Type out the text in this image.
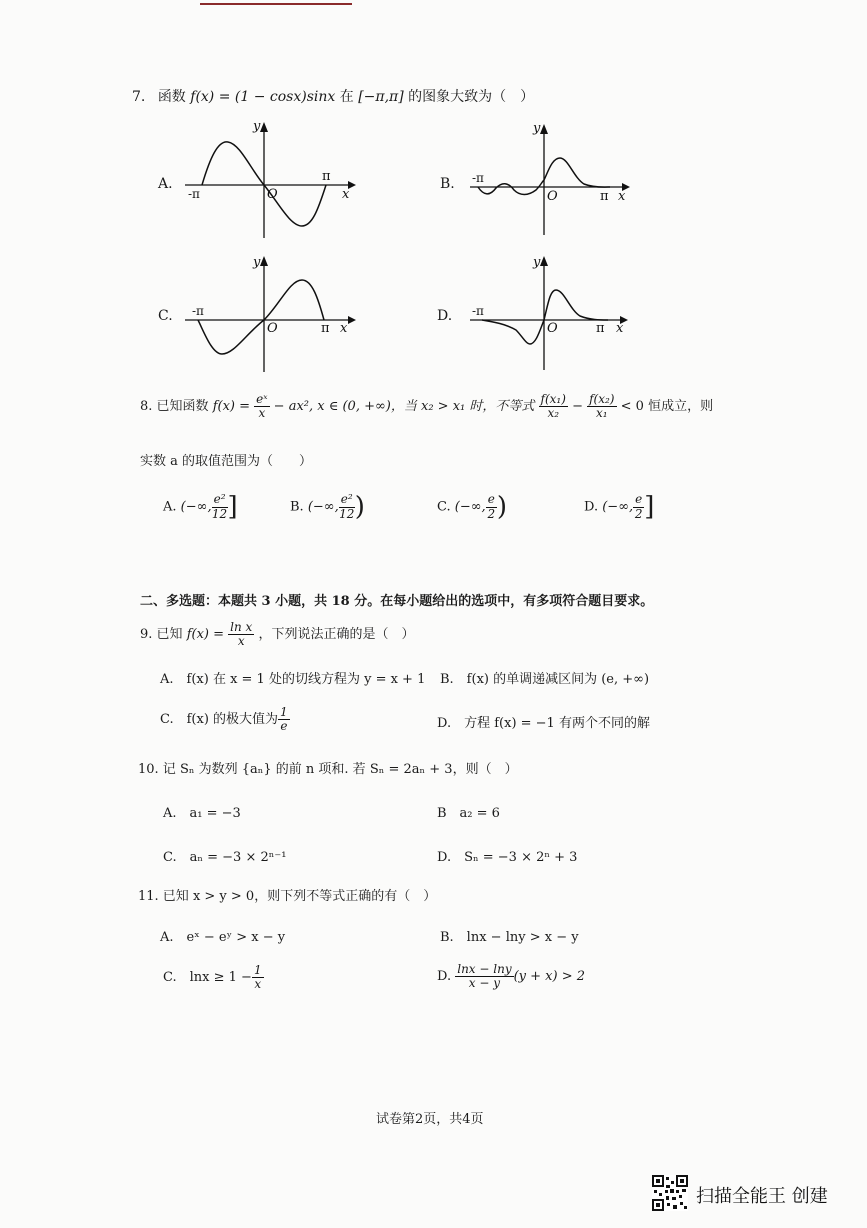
7. 函数 f(x) = (1 − cosx)sinx 在 [−π,π] 的图象大致为（　）
A.
y
x
O
π
-π
B.
y
x
O	π
-π
C.
y
x
O	π
-π	D.
y
O	π x
-π
8. 已知函数 $f(x) = \frac{\text{eˣ}}{x} - ax^2$, x ∈ (0, +∞)，当 x₂ > x₁ 时，不等式 $\frac{\text{f(x₁)}}{\text{x₂}} - \frac{\text{f(x₂)}}{\text{x₁}} < 0$ 恒成立，则
实数 a 的取值范围为（　　）
A. (−∞, $\frac{\text{e²}}{12}$ ]	B. (−∞, $\frac{\text{e²}}{12}$ )	C. (−∞, $\frac{e}{2}$ )	D. (−∞, $\frac{e}{2}$ ]
二、多选题：本题共 3 小题，共 18 分。在每小题给出的选项中，有多项符合题目要求。
9. 已知 $f(x) = \frac{\text{ln x}}{x}$ ，下列说法正确的是（　）
A.　f(x) 在 x = 1 处的切线方程为 y = x + 1 B.　f(x) 的单调递减区间为 (e, +∞)
C.　f(x) 的极大值为 $\frac{1}{e}$	D.　方程 f(x) = −1 有两个不同的解
10. 记 Sₙ 为数列 {aₙ} 的前 n 项和. 若 Sₙ = 2aₙ + 3，则（　）
A.　a₁ = −3	B　a₂ = 6
C.　aₙ = −3 × 2ⁿ⁻¹	D.　Sₙ = −3 × 2ⁿ + 3
11. 已知 x > y > 0，则下列不等式正确的有（　）
A.　eˣ − eʸ > x − y	B.　lnx − lny > x − y
C.　$\ln x \ge 1 - \frac{1}{x}$	D. $\frac{\ln x - \ln y}{x - y} (y + x) > 2$
试卷第2页，共4页
扫描全能王 创建
